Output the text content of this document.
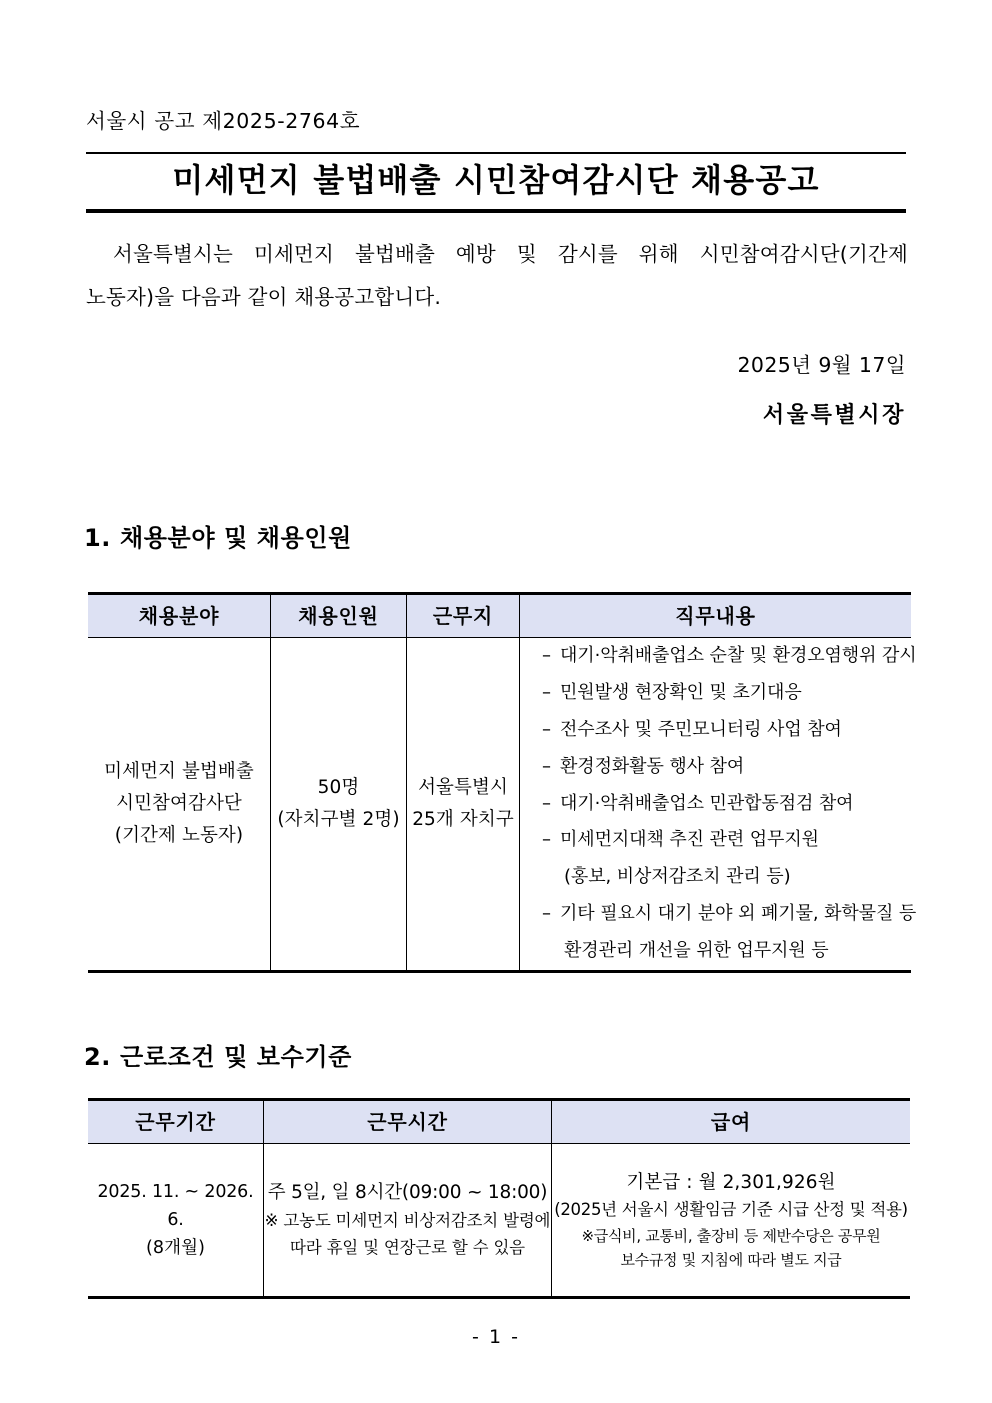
서울시 공고 제2025-2764호
미세먼지 불법배출 시민참여감시단 채용공고
서울특별시는 미세먼지 불법배출 예방 및 감시를 위해 시민참여감시단(기간제
노동자)을 다음과 같이 채용공고합니다.
2025년 9월 17일
서울특별시장
1. 채용분야 및 채용인원
채용분야	채용인원	근무지	직무내용

미세먼지 불법배출
시민참여감사단
(기간제 노동자)

50명
(자치구별 2명)

서울특별시
25개 자치구

– 대기·악취배출업소 순찰 및 환경오염행위 감시
– 민원발생 현장확인 및 초기대응
– 전수조사 및 주민모니터링 사업 참여
– 환경정화활동 행사 참여
– 대기·악취배출업소 민관합동점검 참여
– 미세먼지대책 추진 관련 업무지원
(홍보, 비상저감조치 관리 등)
– 기타 필요시 대기 분야 외 폐기물, 화학물질 등
환경관리 개선을 위한 업무지원 등
2. 근로조건 및 보수기준
근무기간	근무시간	급여

2025. 11. ~ 2026. 6.
(8개월)

주 5일, 일 8시간(09:00 ~ 18:00)
※ 고농도 미세먼지 비상저감조치 발령에
따라 휴일 및 연장근로 할 수 있음

기본급 : 월 2,301,926원
(2025년 서울시 생활임금 기준 시급 산정 및 적용)
※급식비, 교통비, 출장비 등 제반수당은 공무원
보수규정 및 지침에 따라 별도 지급
- 1 -
